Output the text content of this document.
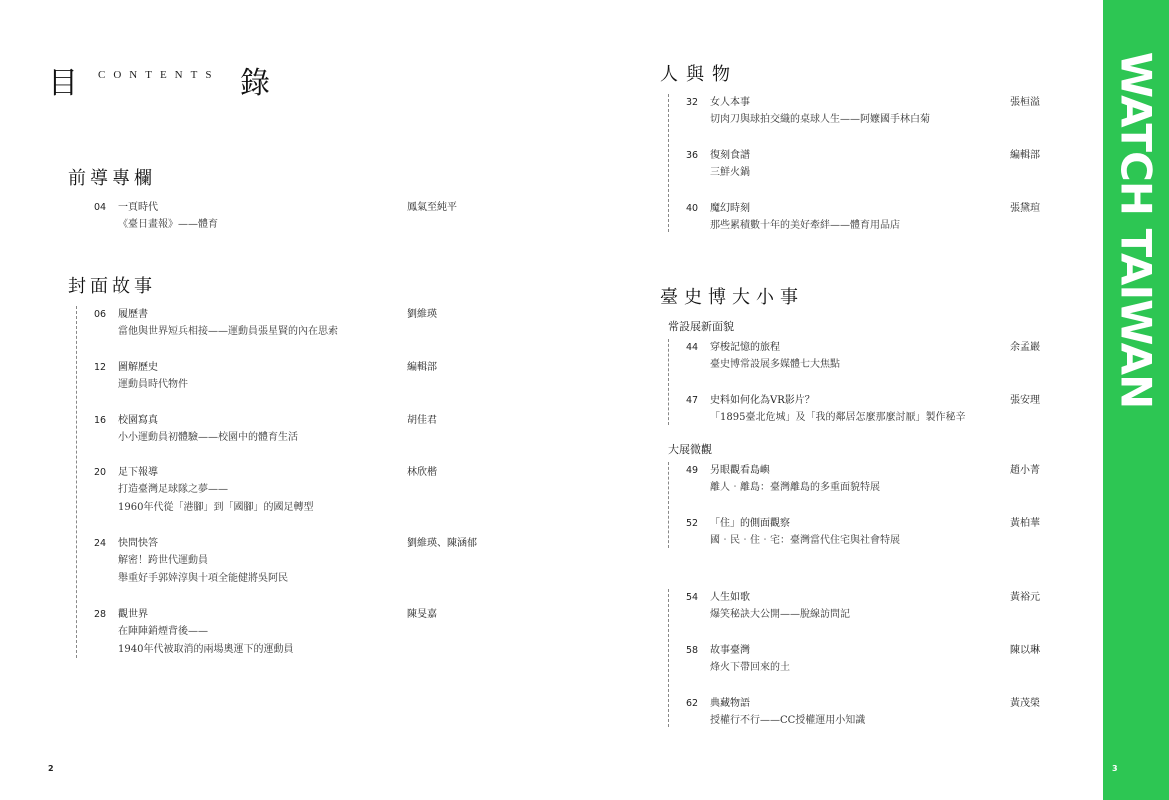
目 CONTENTS 錄
前導專欄
04	一頁時代	鳳氣至純平
《臺日畫報》——體育
封面故事
06	履歷書	劉維瑛
當他與世界短兵相接——運動員張星賢的內在思索
12	圖解歷史	編輯部
運動員時代物件
16	校園寫真	胡佳君
小小運動員初體驗——校園中的體育生活
20	足下報導	林欣楷
打造臺灣足球隊之夢——
1960年代從「港腳」到「國腳」的國足轉型
24	快問快答	劉維瑛、陳涵郁
解密！跨世代運動員
舉重好手郭婞淳與十項全能健將吳阿民
28	觀世界	陳旻嘉
在陣陣銷煙背後——
1940年代被取消的兩場奧運下的運動員
2
人與物
32	女人本事	張桓溢
切肉刀與球拍交織的桌球人生——阿嬤國手林白菊
36	復刻食譜	編輯部
三鮮火鍋
40	魔幻時刻	張黛瑄
那些累積數十年的美好牽絆——體育用品店
臺史博大小事
常設展新面貌
44	穿梭記憶的旅程	余孟巖
臺史博常設展多媒體七大焦點
47	史料如何化為VR影片？	張安理
「1895臺北危城」及「我的鄰居怎麼那麼討厭」製作秘辛
大展微觀
49	另眼觀看島嶼	趙小菁
離人‧離島：臺灣離島的多重面貌特展
52	「住」的側面觀察	黃柏華
國‧民‧住‧宅：臺灣當代住宅與社會特展
54	人生如歌	黃裕元
爆笑秘訣大公開——脫線訪問記
58	故事臺灣	陳以琳
烽火下帶回來的土
62	典藏物語	黃茂榮
授權行不行——CC授權運用小知識
WATCH TAIWAN
3
